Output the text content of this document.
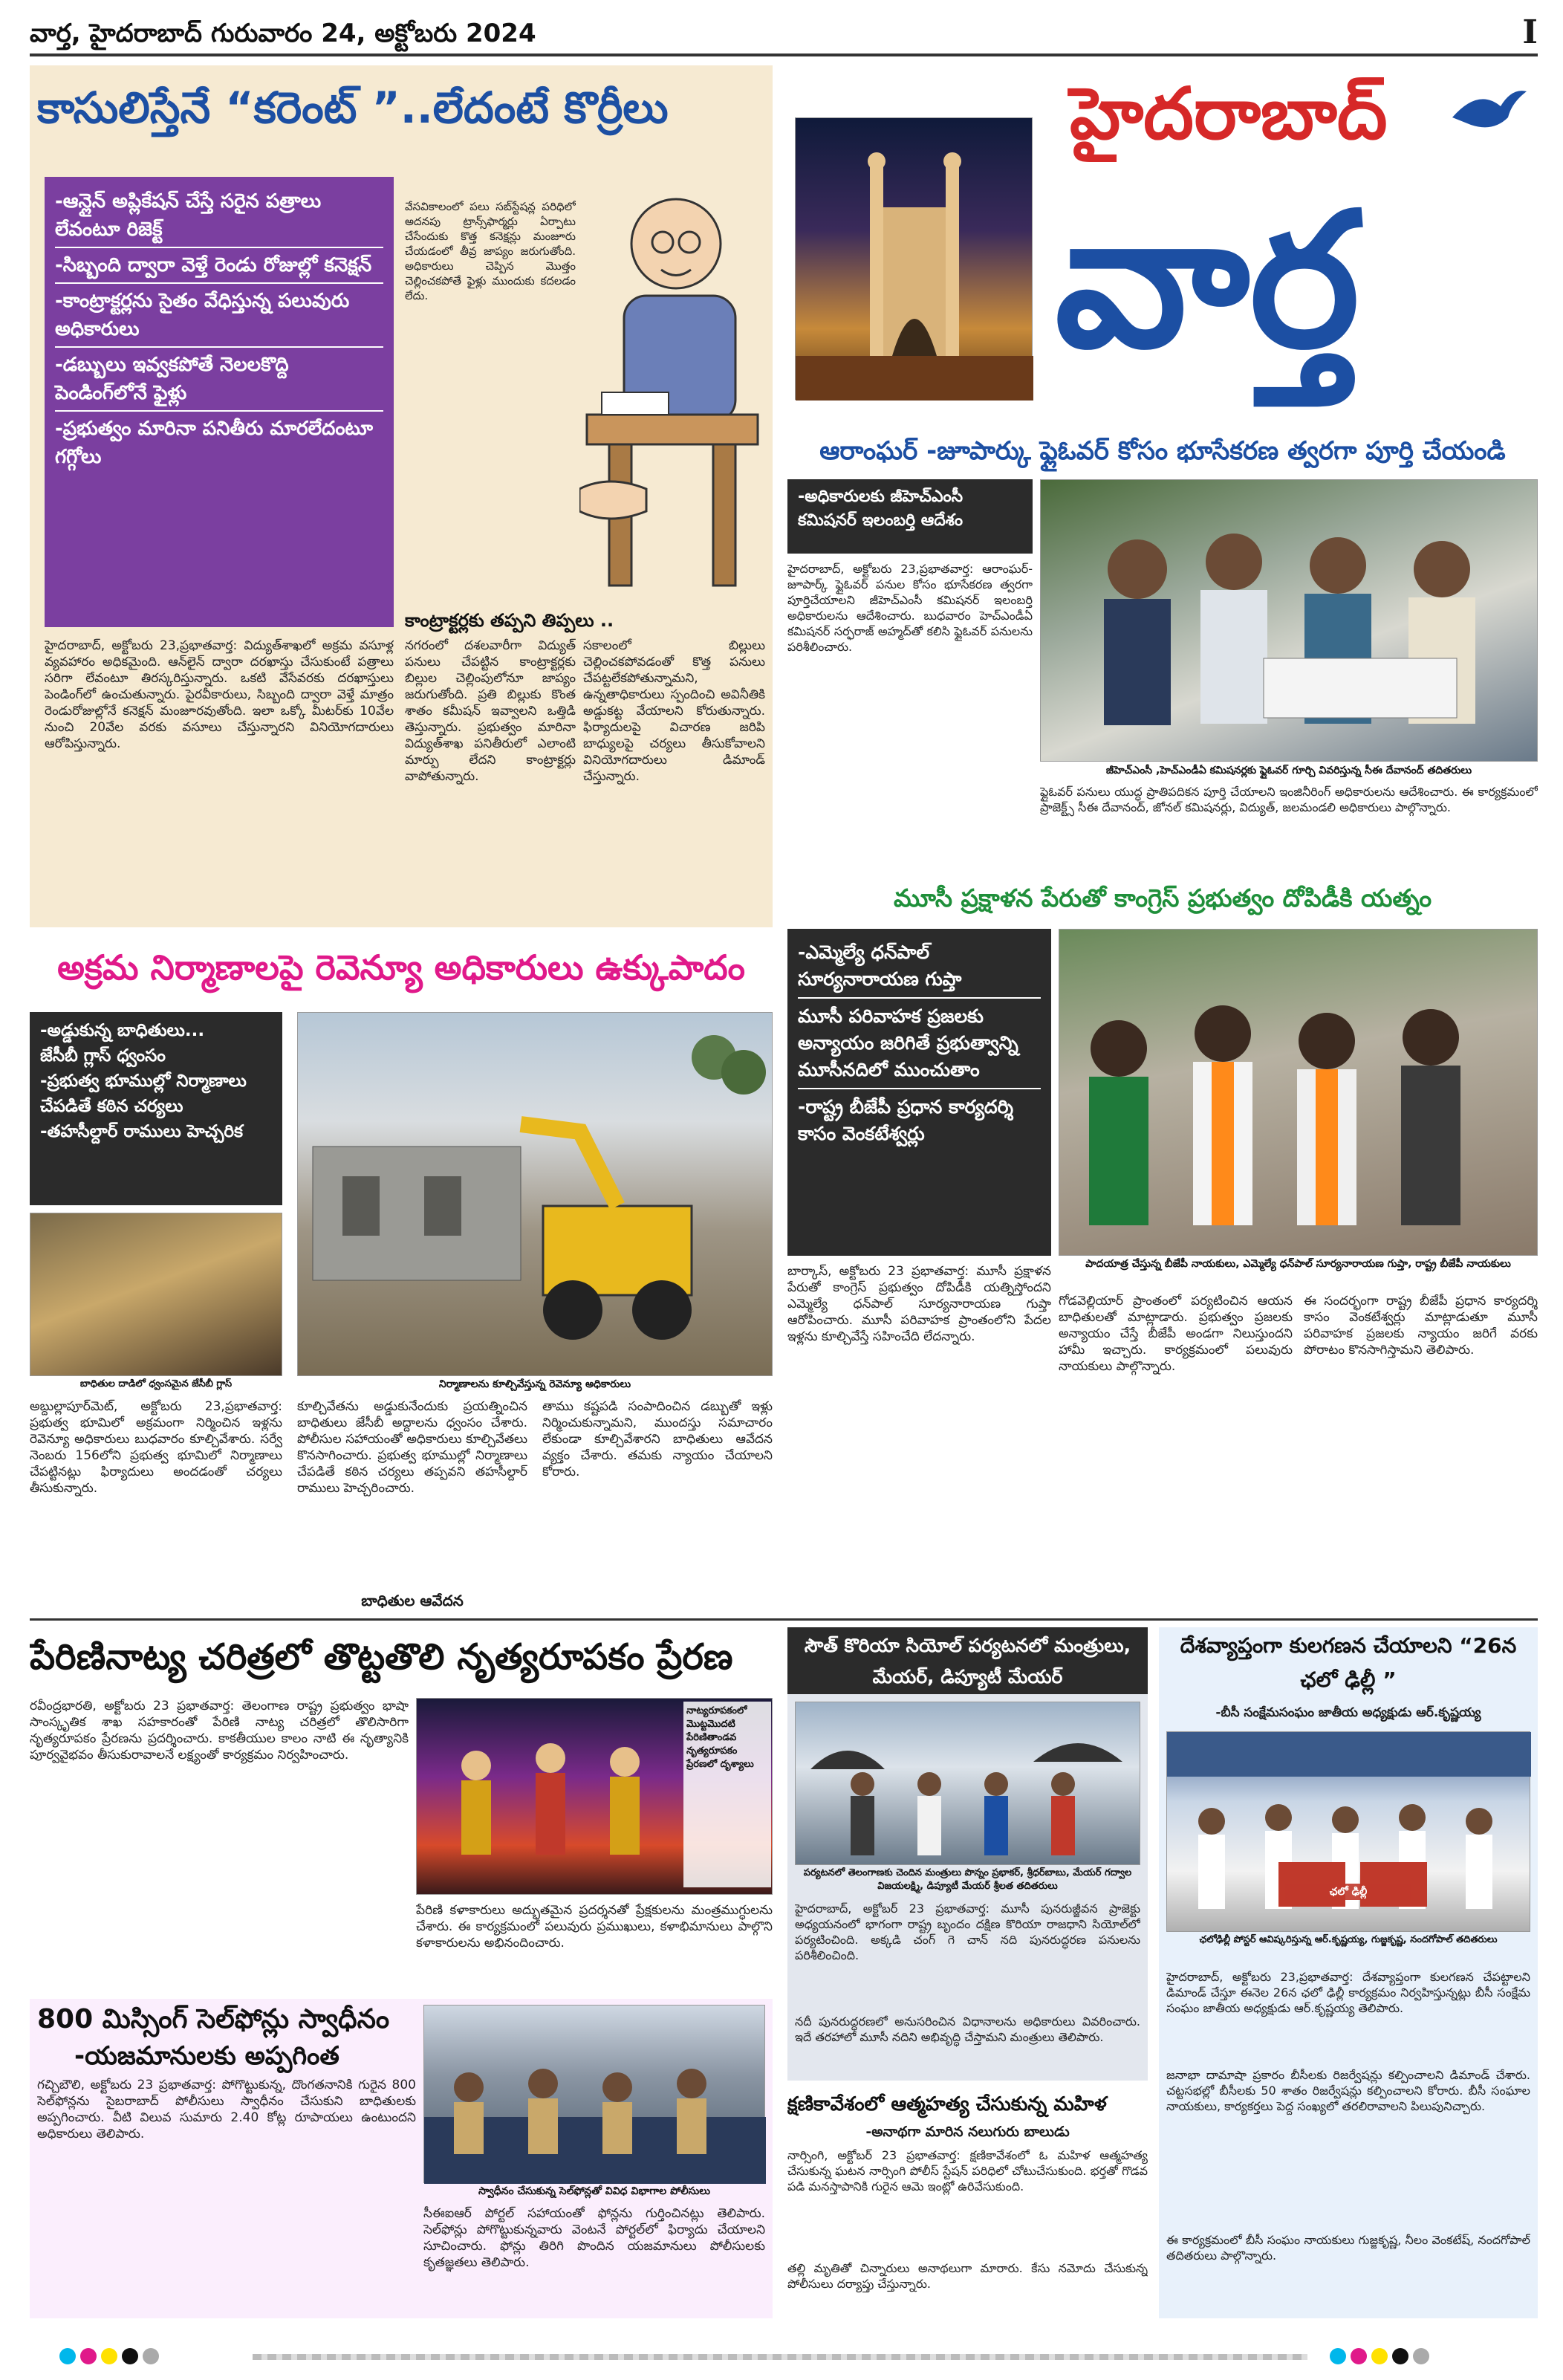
వార్త, హైదరాబాద్ గురువారం 24, అక్టోబరు 2024	I
కాసులిస్తేనే “కరెంట్ ”..లేదంటే కొర్రీలు
-ఆన్లైన్ అప్లికేషన్ చేస్తే సరైన పత్రాలు లేవంటూ రిజెక్ట్
-సిబ్బంది ద్వారా వెళ్తే రెండు రోజుల్లో కనెక్షన్
-కాంట్రాక్టర్లను సైతం వేధిస్తున్న పలువురు అధికారులు
-డబ్బులు ఇవ్వకపోతే నెలలకొద్ది పెండింగ్‌లోనే ఫైళ్లు
-ప్రభుత్వం మారినా పనితీరు మారలేదంటూ గగ్గోలు
వేసవికాలంలో పలు సబ్‌స్టేషన్ల పరిధిలో అదనపు ట్రాన్స్‌ఫార్మర్లు ఏర్పాటు చేసేందుకు కొత్త కనెక్షన్లు మంజూరు చేయడంలో తీవ్ర జాప్యం జరుగుతోంది. అధికారులు చెప్పిన మొత్తం చెల్లించకపోతే ఫైళ్లు ముందుకు కదలడం లేదు.
కాంట్రాక్టర్లకు తప్పని తిప్పలు ..
హైదరాబాద్, అక్టోబరు 23,ప్రభాతవార్త: విద్యుత్‌శాఖలో అక్రమ వసూళ్ల వ్యవహారం అధికమైంది. ఆన్‌లైన్ ద్వారా దరఖాస్తు చేసుకుంటే పత్రాలు సరిగా లేవంటూ తిరస్కరిస్తున్నారు. ఒకటి వేసేవరకు దరఖాస్తులు పెండింగ్‌లో ఉంచుతున్నారు. పైరవీకారులు, సిబ్బంది ద్వారా వెళ్తే మాత్రం రెండురోజుల్లోనే కనెక్షన్ మంజూరవుతోంది. ఇలా ఒక్కో మీటర్‌కు 10వేల నుంచి 20వేల వరకు వసూలు చేస్తున్నారని వినియోగదారులు ఆరోపిస్తున్నారు.
నగరంలో దశలవారీగా విద్యుత్ పనులు చేపట్టిన కాంట్రాక్టర్లకు బిల్లుల చెల్లింపులోనూ జాప్యం జరుగుతోంది. ప్రతి బిల్లుకు కొంత శాతం కమీషన్ ఇవ్వాలని ఒత్తిడి తెస్తున్నారు. ప్రభుత్వం మారినా విద్యుత్‌శాఖ పనితీరులో ఎలాంటి మార్పు లేదని కాంట్రాక్టర్లు వాపోతున్నారు.
సకాలంలో బిల్లులు చెల్లించకపోవడంతో కొత్త పనులు చేపట్టలేకపోతున్నామని, ఉన్నతాధికారులు స్పందించి అవినీతికి అడ్డుకట్ట వేయాలని కోరుతున్నారు. ఫిర్యాదులపై విచారణ జరిపి బాధ్యులపై చర్యలు తీసుకోవాలని వినియోగదారులు డిమాండ్ చేస్తున్నారు.
హైదరాబాద్
వార్త
ఆరాంఘర్ -జూపార్కు ఫ్లైఓవర్ కోసం భూసేకరణ త్వరగా పూర్తి చేయండి
-అధికారులకు జీహెచ్‌ఎంసీ కమిషనర్ ఇలంబర్తి ఆదేశం
హైదరాబాద్, అక్టోబరు 23,ప్రభాతవార్త: ఆరాంఘర్-జూపార్క్ ఫ్లైఓవర్ పనుల కోసం భూసేకరణ త్వరగా పూర్తిచేయాలని జీహెచ్‌ఎంసీ కమిషనర్ ఇలంబర్తి అధికారులను ఆదేశించారు. బుధవారం హెచ్‌ఎండీఏ కమిషనర్ సర్ఫరాజ్ అహ్మద్‌తో కలిసి ఫ్లైఓవర్ పనులను పరిశీలించారు.
జీహెచ్ఎంసీ ,హెచ్ఎండీఏ కమిషనర్లకు ఫ్లైఓవర్ గూర్చి వివరిస్తున్న సీఈ దేవానంద్ తదితరులు
ఫ్లైఓవర్ పనులు యుద్ధ ప్రాతిపదికన పూర్తి చేయాలని ఇంజినీరింగ్ అధికారులను ఆదేశించారు. ఈ కార్యక్రమంలో ప్రాజెక్ట్స్ సీఈ దేవానంద్, జోనల్ కమిషనర్లు, విద్యుత్, జలమండలి అధికారులు పాల్గొన్నారు.
మూసీ ప్రక్షాళన పేరుతో కాంగ్రెస్ ప్రభుత్వం దోపిడీకి యత్నం
-ఎమ్మెల్యే ధన్‌పాల్ సూర్యనారాయణ గుప్తా
మూసీ పరివాహక ప్రజలకు అన్యాయం జరిగితే ప్రభుత్వాన్ని మూసీనదిలో ముంచుతాం
-రాష్ట్ర బీజేపీ ప్రధాన కార్యదర్శి కాసం వెంకటేశ్వర్లు
పాదయాత్ర చేస్తున్న బీజేపీ నాయకులు, ఎమ్మెల్యే ధన్‌పాల్ సూర్యనారాయణ గుప్తా, రాష్ట్ర బీజేపీ నాయకులు
బార్కాస్, అక్టోబరు 23 ప్రభాతవార్త: మూసీ ప్రక్షాళన పేరుతో కాంగ్రెస్ ప్రభుత్వం దోపిడీకి యత్నిస్తోందని ఎమ్మెల్యే ధన్‌పాల్ సూర్యనారాయణ గుప్తా ఆరోపించారు. మూసీ పరివాహక ప్రాంతంలోని పేదల ఇళ్లను కూల్చివేస్తే సహించేది లేదన్నారు.
గోడవెల్లియార్ ప్రాంతంలో పర్యటించిన ఆయన బాధితులతో మాట్లాడారు. ప్రభుత్వం ప్రజలకు అన్యాయం చేస్తే బీజేపీ అండగా నిలుస్తుందని హామీ ఇచ్చారు. కార్యక్రమంలో పలువురు నాయకులు పాల్గొన్నారు.
ఈ సందర్భంగా రాష్ట్ర బీజేపీ ప్రధాన కార్యదర్శి కాసం వెంకటేశ్వర్లు మాట్లాడుతూ మూసీ పరివాహక ప్రజలకు న్యాయం జరిగే వరకు పోరాటం కొనసాగిస్తామని తెలిపారు.
అక్రమ నిర్మాణాలపై రెవెన్యూ అధికారులు ఉక్కుపాదం
-అడ్డుకున్న బాధితులు...
జేసీబీ గ్లాస్ ధ్వంసం
-ప్రభుత్వ భూముల్లో నిర్మాణాలు చేపడితే కఠిన చర్యలు
-తహసీల్దార్ రాములు హెచ్చరిక
బాధితుల దాడిలో ధ్వంసమైన జేసీబీ గ్లాస్	నిర్మాణాలను కూల్చివేస్తున్న రెవెన్యూ అధికారులు
అబ్దుల్లాపూర్‌మెట్, అక్టోబరు 23,ప్రభాతవార్త: ప్రభుత్వ భూమిలో అక్రమంగా నిర్మించిన ఇళ్లను రెవెన్యూ అధికారులు బుధవారం కూల్చివేశారు. సర్వే నెంబరు 156లోని ప్రభుత్వ భూమిలో నిర్మాణాలు చేపట్టినట్లు ఫిర్యాదులు అందడంతో చర్యలు తీసుకున్నారు.
కూల్చివేతను అడ్డుకునేందుకు ప్రయత్నించిన బాధితులు జేసీబీ అద్దాలను ధ్వంసం చేశారు. పోలీసుల సహాయంతో అధికారులు కూల్చివేతలు కొనసాగించారు. ప్రభుత్వ భూముల్లో నిర్మాణాలు చేపడితే కఠిన చర్యలు తప్పవని తహసీల్దార్ రాములు హెచ్చరించారు.
బాధితుల ఆవేదన
తాము కష్టపడి సంపాదించిన డబ్బుతో ఇళ్లు నిర్మించుకున్నామని, ముందస్తు సమాచారం లేకుండా కూల్చివేశారని బాధితులు ఆవేదన వ్యక్తం చేశారు. తమకు న్యాయం చేయాలని కోరారు.
పేరిణినాట్య చరిత్రలో తొట్టతొలి నృత్యరూపకం ప్రేరణ
రవీంద్రభారతి, అక్టోబరు 23 ప్రభాతవార్త: తెలంగాణ రాష్ట్ర ప్రభుత్వం భాషా సాంస్కృతిక శాఖ సహకారంతో పేరిణి నాట్య చరిత్రలో తొలిసారిగా నృత్యరూపకం ప్రేరణను ప్రదర్శించారు. కాకతీయుల కాలం నాటి ఈ నృత్యానికి పూర్వవైభవం తీసుకురావాలనే లక్ష్యంతో కార్యక్రమం నిర్వహించారు.
నాట్యరూపకంలో మొట్టమొదటి పేరిణితాండవ నృత్యరూపకం ప్రేరణలో దృశ్యాలు
పేరిణి కళాకారులు అద్భుతమైన ప్రదర్శనతో ప్రేక్షకులను మంత్రముగ్ధులను చేశారు. ఈ కార్యక్రమంలో పలువురు ప్రముఖులు, కళాభిమానులు పాల్గొని కళాకారులను అభినందించారు.
800 మిస్సింగ్ సెల్‌ఫోన్లు స్వాధీనం
-యజమానులకు అప్పగింత
గచ్చిబౌలి, అక్టోబరు 23 ప్రభాతవార్త: పోగొట్టుకున్న, దొంగతనానికి గురైన 800 సెల్‌ఫోన్లను సైబరాబాద్ పోలీసులు స్వాధీనం చేసుకుని బాధితులకు అప్పగించారు. వీటి విలువ సుమారు 2.40 కోట్ల రూపాయలు ఉంటుందని అధికారులు తెలిపారు.
స్వాధీనం చేసుకున్న సెల్‌ఫోన్లతో వివిధ విభాగాల పోలీసులు
సీఈఐఆర్ పోర్టల్ సహాయంతో ఫోన్లను గుర్తించినట్లు తెలిపారు. సెల్‌ఫోన్లు పోగొట్టుకున్నవారు వెంటనే పోర్టల్‌లో ఫిర్యాదు చేయాలని సూచించారు. ఫోన్లు తిరిగి పొందిన యజమానులు పోలీసులకు కృతజ్ఞతలు తెలిపారు.
సౌత్ కొరియా సియోల్ పర్యటనలో మంత్రులు, మేయర్, డిప్యూటీ మేయర్
పర్యటనలో తెలంగాణకు చెందిన మంత్రులు పొన్నం ప్రభాకర్, శ్రీధర్‌బాబు, మేయర్ గద్వాల విజయలక్ష్మి, డిప్యూటీ మేయర్ శ్రీలత తదితరులు
హైదరాబాద్, అక్టోబర్ 23 ప్రభాతవార్త: మూసీ పునరుజ్జీవన ప్రాజెక్టు అధ్యయనంలో భాగంగా రాష్ట్ర బృందం దక్షిణ కొరియా రాజధాని సియోల్‌లో పర్యటించింది. అక్కడి చంగ్ గె చాన్ నది పునరుద్ధరణ పనులను పరిశీలించింది.
నదీ పునరుద్ధరణలో అనుసరించిన విధానాలను అధికారులు వివరించారు. ఇదే తరహాలో మూసీ నదిని అభివృద్ధి చేస్తామని మంత్రులు తెలిపారు.
క్షణికావేశంలో ఆత్మహత్య చేసుకున్న మహిళ
-అనాథగా మారిన నలుగురు బాలుడు
నార్సింగి, అక్టోబర్ 23 ప్రభాతవార్త: క్షణికావేశంలో ఓ మహిళ ఆత్మహత్య చేసుకున్న ఘటన నార్సింగి పోలీస్ స్టేషన్ పరిధిలో చోటుచేసుకుంది. భర్తతో గొడవ పడి మనస్తాపానికి గురైన ఆమె ఇంట్లో ఉరివేసుకుంది.
తల్లి మృతితో చిన్నారులు అనాథలుగా మారారు. కేసు నమోదు చేసుకున్న పోలీసులు దర్యాప్తు చేస్తున్నారు.
దేశవ్యాప్తంగా కులగణన చేయాలని “26న ఛలో ఢిల్లీ ”
-బీసీ సంక్షేమసంఘం జాతీయ అధ్యక్షుడు ఆర్.కృష్ణయ్య
ఛలో ఢిల్లీ
ఛలోఢిల్లీ పోస్టర్ ఆవిష్కరిస్తున్న ఆర్.కృష్ణయ్య, గుజ్జకృష్ణ, నందగోపాల్ తదితరులు
హైదరాబాద్, అక్టోబరు 23,ప్రభాతవార్త: దేశవ్యాప్తంగా కులగణన చేపట్టాలని డిమాండ్ చేస్తూ ఈనెల 26న ఛలో ఢిల్లీ కార్యక్రమం నిర్వహిస్తున్నట్లు బీసీ సంక్షేమ సంఘం జాతీయ అధ్యక్షుడు ఆర్.కృష్ణయ్య తెలిపారు.
జనాభా దామాషా ప్రకారం బీసీలకు రిజర్వేషన్లు కల్పించాలని డిమాండ్ చేశారు. చట్టసభల్లో బీసీలకు 50 శాతం రిజర్వేషన్లు కల్పించాలని కోరారు. బీసీ సంఘాల నాయకులు, కార్యకర్తలు పెద్ద సంఖ్యలో తరలిరావాలని పిలుపునిచ్చారు.
ఈ కార్యక్రమంలో బీసీ సంఘం నాయకులు గుజ్జకృష్ణ, నీలం వెంకటేష్, నందగోపాల్ తదితరులు పాల్గొన్నారు.
